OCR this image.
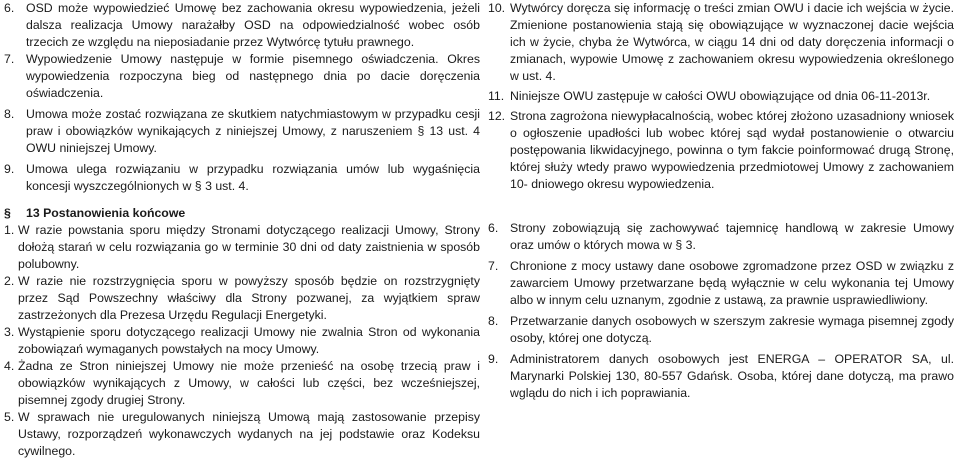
6. OSD może wypowiedzieć Umowę bez zachowania okresu wypowiedzenia, jeżeli dalsza realizacja Umowy narażałby OSD na odpowiedzialność wobec osób trzecich ze względu na nieposiadanie przez Wytwórcę tytułu prawnego.

7. Wypowiedzenie Umowy następuje w formie pisemnego oświadczenia. Okres wypowiedzenia rozpoczyna bieg od następnego dnia po dacie doręczenia oświadczenia.

8. Umowa może zostać rozwiązana ze skutkiem natychmiastowym w przypadku cesji praw i obowiązków wynikających z niniejszej Umowy, z naruszeniem § 13 ust. 4 OWU niniejszej Umowy.

9. Umowa ulega rozwiązaniu w przypadku rozwiązania umów lub wygaśnięcia koncesji wyszczególnionych w § 3 ust. 4.

§ 13 Postanowienia końcowe

1. W razie powstania sporu między Stronami dotyczącego realizacji Umowy, Strony dołożą starań w celu rozwiązania go w terminie 30 dni od daty zaistnienia w sposób polubowny.

2. W razie nie rozstrzygnięcia sporu w powyższy sposób będzie on rozstrzygnięty przez Sąd Powszechny właściwy dla Strony pozwanej, za wyjątkiem spraw zastrzeżonych dla Prezesa Urzędu Regulacji Energetyki.

3. Wystąpienie sporu dotyczącego realizacji Umowy nie zwalnia Stron od wykonania zobowiązań wymaganych powstałych na mocy Umowy.

4. Żadna ze Stron niniejszej Umowy nie może przenieść na osobę trzecią praw i obowiązków wynikających z Umowy, w całości lub części, bez wcześniejszej, pisemnej zgody drugiej Strony.

5. W sprawach nie uregulowanych niniejszą Umową mają zastosowanie przepisy Ustawy, rozporządzeń wykonawczych wydanych na jej podstawie oraz Kodeksu cywilnego.

10. Wytwórcy doręcza się informację o treści zmian OWU i dacie ich wejścia w życie. Zmienione postanowienia stają się obowiązujące w wyznaczonej dacie wejścia ich w życie, chyba że Wytwórca, w ciągu 14 dni od daty doręczenia informacji o zmianach, wypowie Umowę z zachowaniem okresu wypowiedzenia określonego w ust. 4.

11. Niniejsze OWU zastępuje w całości OWU obowiązujące od dnia 06-11-2013r.

12. Strona zagrożona niewypłacalnością, wobec której złożono uzasadniony wniosek o ogłoszenie upadłości lub wobec której sąd wydał postanowienie o otwarciu postępowania likwidacyjnego, powinna o tym fakcie poinformować drugą Stronę, której służy wtedy prawo wypowiedzenia przedmiotowej Umowy z zachowaniem 10- dniowego okresu wypowiedzenia.

6. Strony zobowiązują się zachowywać tajemnicę handlową w zakresie Umowy oraz umów o których mowa w § 3.

7. Chronione z mocy ustawy dane osobowe zgromadzone przez OSD w związku z zawarciem Umowy przetwarzane będą wyłącznie w celu wykonania tej Umowy albo w innym celu uznanym, zgodnie z ustawą, za prawnie usprawiedliwiony.

8. Przetwarzanie danych osobowych w szerszym zakresie wymaga pisemnej zgody osoby, której one dotyczą.

9. Administratorem danych osobowych jest ENERGA – OPERATOR SA, ul. Marynarki Polskiej 130, 80-557 Gdańsk. Osoba, której dane dotyczą, ma prawo wglądu do nich i ich poprawiania.
